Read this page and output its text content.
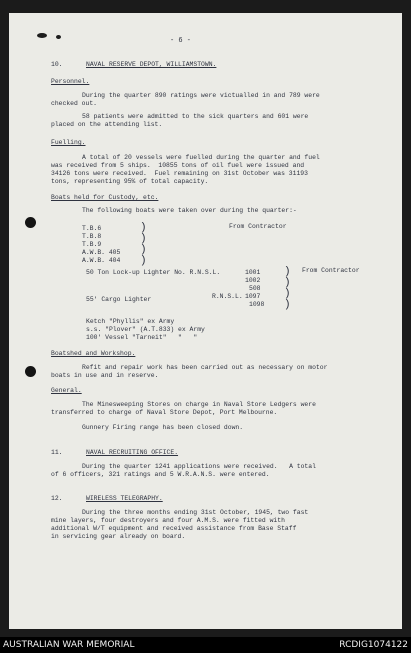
- 6 -
10.	NAVAL RESERVE DEPOT, WILLIAMSTOWN.
Personnel.
During the quarter 890 ratings were victualled in and 789 were
checked out.
58 patients were admitted to the sick quarters and 601 were
placed on the attending list.
Fuelling.
A total of 20 vessels were fuelled during the quarter and fuel
was received from 5 ships.  10855 tons of oil fuel were issued and
34126 tons were received.  Fuel remaining on 31st October was 31193
tons, representing 95% of total capacity.
Boats held for Custody, etc.
The following boats were taken over during the quarter:-
T.B.6
T.B.8
T.B.9
A.W.B. 405
A.W.B. 404
)
)
)
)
From Contractor
50 Ton Lock-up Lighter No. R.N.S.L.	1001
1002
508
55' Cargo Lighter	R.N.S.L. 1097
1098
)
)
)
)
From Contractor
Ketch "Phyllis" ex Army
s.s. "Plover" (A.T.833) ex Army
100' Vessel "Tarneit"   "   "
Boatshed and Workshop.
Refit and repair work has been carried out as necessary on motor
boats in use and in reserve.
General.
The Minesweeping Stores on charge in Naval Store Ledgers were
transferred to charge of Naval Store Depot, Port Melbourne.
Gunnery Firing range has been closed down.
11.	NAVAL RECRUITING OFFICE.
During the quarter 1241 applications were received.   A total
of 6 officers, 321 ratings and 5 W.R.A.N.S. were entered.
12.	WIRELESS TELEGRAPHY.
During the three months ending 31st October, 1945, two fast
mine layers, four destroyers and four A.M.S. were fitted with
additional W/T equipment and received assistance from Base Staff
in servicing gear already on board.
AUSTRALIAN WAR MEMORIAL	RCDIG1074122
